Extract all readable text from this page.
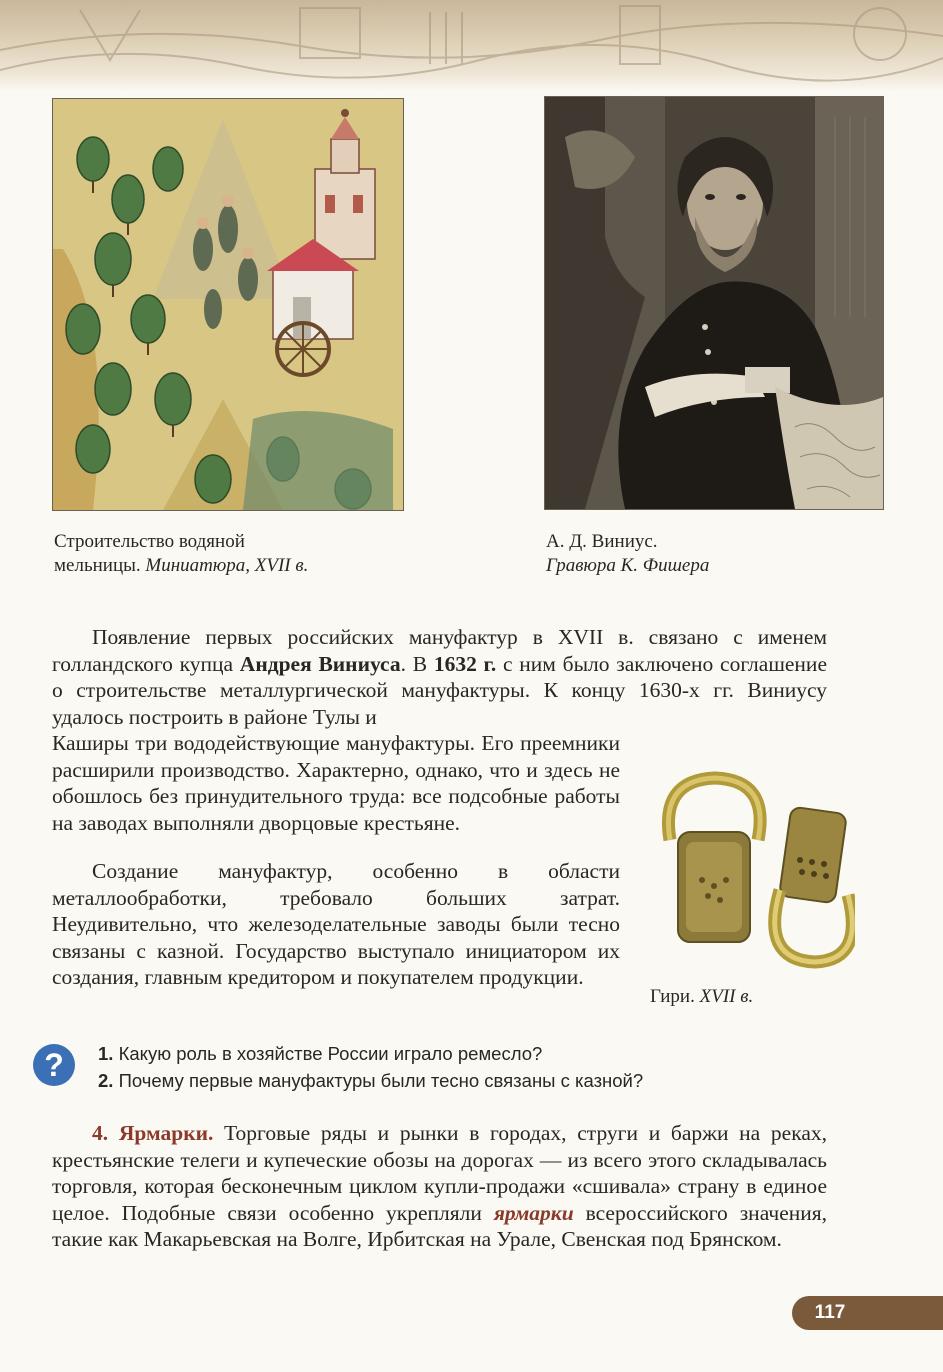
Строительство водяной
мельницы. Миниатюра, XVII в.
А. Д. Виниус.
Гравюра К. Фишера
Появление первых российских мануфактур в XVII в. связано с именем голландского купца Андрея Виниуса. В 1632 г. с ним было заключено соглашение о строительстве металлургической мануфактуры. К концу 1630-х гг. Виниусу удалось построить в районе Тулы и
Каширы три вододействующие мануфактуры. Его преемники расширили производство. Характерно, однако, что и здесь не обошлось без принудительного труда: все подсобные работы на заводах выполняли дворцовые крестьяне.
Создание мануфактур, особенно в области металлообработки, требовало больших затрат. Неудивительно, что железоделательные заводы были тесно связаны с казной. Государство выступало инициатором их создания, главным кредитором и покупателем продукции.
Гири. XVII в.
?	1. Какую роль в хозяйстве России играло ремесло?
2. Почему первые мануфактуры были тесно связаны с казной?
4. Ярмарки. Торговые ряды и рынки в городах, струги и баржи на реках, крестьянские телеги и купеческие обозы на дорогах — из всего этого складывалась торговля, которая бесконечным циклом купли-продажи «сшивала» страну в единое целое. Подобные связи особенно укрепляли ярмарки всероссийского значения, такие как Макарьевская на Волге, Ирбитская на Урале, Свенская под Брянском.
117
